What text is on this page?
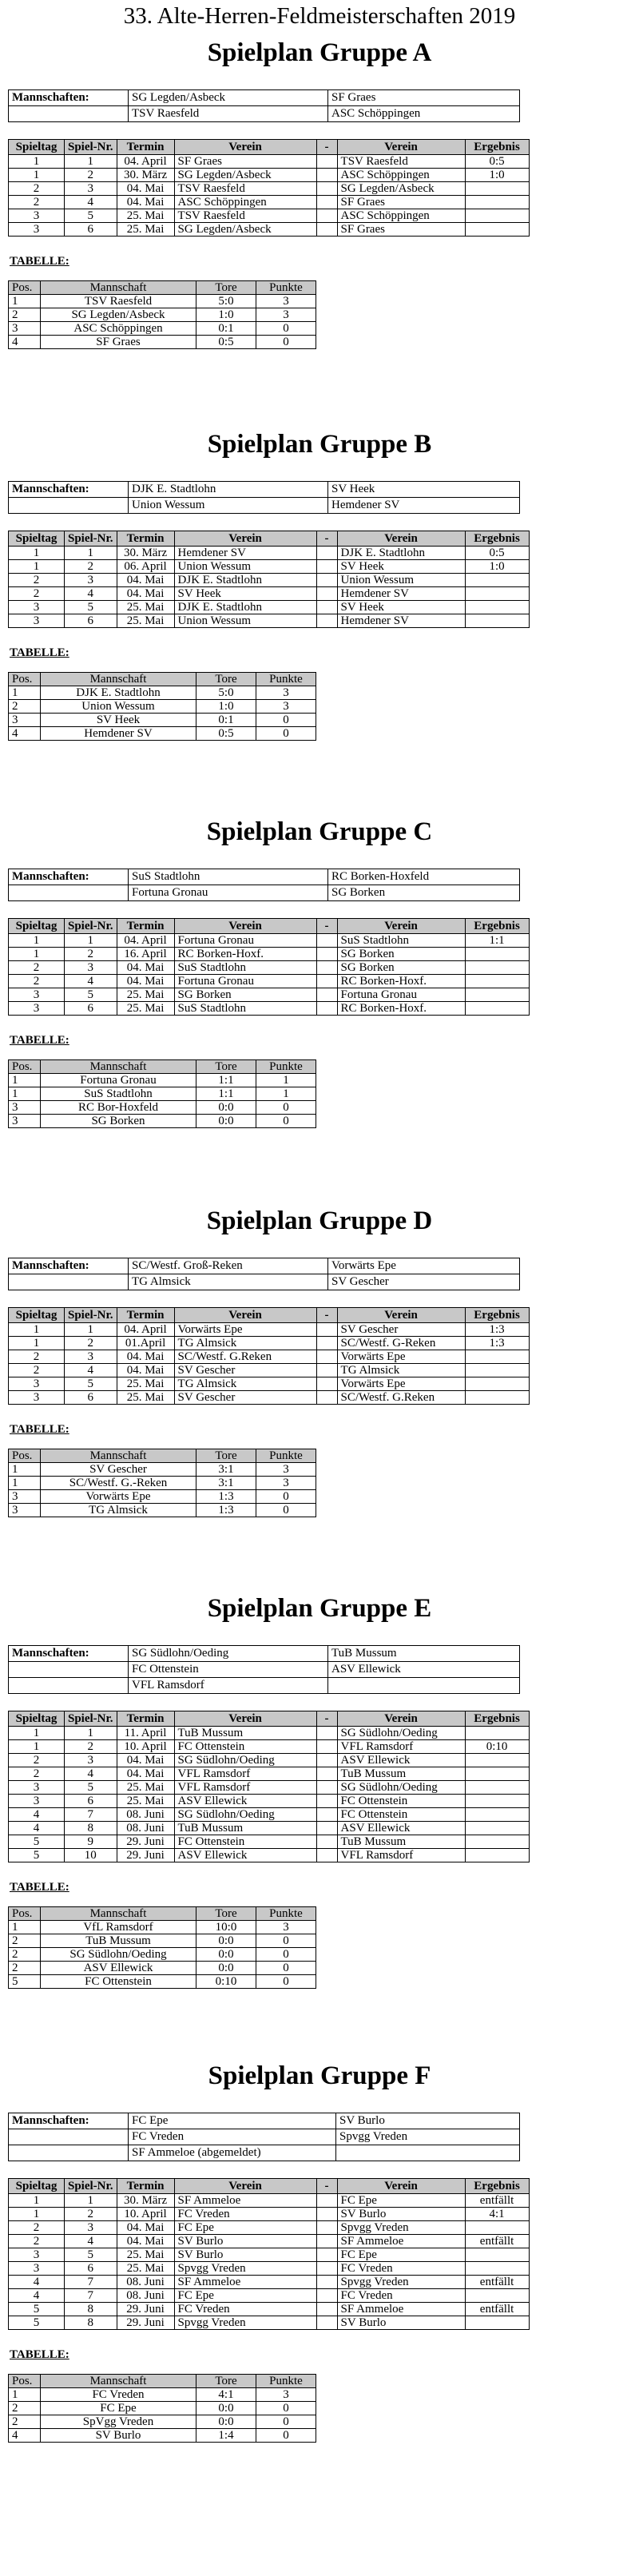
33. Alte-Herren-Feldmeisterschaften 2019
Spielplan Gruppe A
Mannschaften:	SG Legden/Asbeck	SF Graes
	TSV Raesfeld	ASC Schöppingen
Spieltag	Spiel-Nr.	Termin	Verein	-	Verein	Ergebnis
1	1	04. April	SF Graes		TSV Raesfeld	0:5
1	2	30. März	SG Legden/Asbeck		ASC Schöppingen	1:0
2	3	04. Mai	TSV Raesfeld		SG Legden/Asbeck	
2	4	04. Mai	ASC Schöppingen		SF Graes	
3	5	25. Mai	TSV Raesfeld		ASC Schöppingen	
3	6	25. Mai	SG Legden/Asbeck		SF Graes	
TABELLE:
Pos.	Mannschaft	Tore	Punkte
1	TSV Raesfeld	5:0	3
2	SG Legden/Asbeck	1:0	3
3	ASC Schöppingen	0:1	0
4	SF Graes	0:5	0
Spielplan Gruppe B
Mannschaften:	DJK E. Stadtlohn	SV Heek
	Union Wessum	Hemdener SV
Spieltag	Spiel-Nr.	Termin	Verein	-	Verein	Ergebnis
1	1	30. März	Hemdener SV		DJK E. Stadtlohn	0:5
1	2	06. April	Union Wessum		SV Heek	1:0
2	3	04. Mai	DJK E. Stadtlohn		Union Wessum	
2	4	04. Mai	SV Heek		Hemdener SV	
3	5	25. Mai	DJK E. Stadtlohn		SV Heek	
3	6	25. Mai	Union Wessum		Hemdener SV	
TABELLE:
Pos.	Mannschaft	Tore	Punkte
1	DJK E. Stadtlohn	5:0	3
2	Union Wessum	1:0	3
3	SV Heek	0:1	0
4	Hemdener SV	0:5	0
Spielplan Gruppe C
Mannschaften:	SuS Stadtlohn	RC Borken-Hoxfeld
	Fortuna Gronau	SG Borken
Spieltag	Spiel-Nr.	Termin	Verein	-	Verein	Ergebnis
1	1	04. April	Fortuna Gronau		SuS Stadtlohn	1:1
1	2	16. April	RC Borken-Hoxf.		SG Borken	
2	3	04. Mai	SuS Stadtlohn		SG Borken	
2	4	04. Mai	Fortuna Gronau		RC Borken-Hoxf.	
3	5	25. Mai	SG Borken		Fortuna Gronau	
3	6	25. Mai	SuS Stadtlohn		RC Borken-Hoxf.	
TABELLE:
Pos.	Mannschaft	Tore	Punkte
1	Fortuna Gronau	1:1	1
1	SuS Stadtlohn	1:1	1
3	RC Bor-Hoxfeld	0:0	0
3	SG Borken	0:0	0
Spielplan Gruppe D
Mannschaften:	SC/Westf. Groß-Reken	Vorwärts Epe
	TG Almsick	SV Gescher
Spieltag	Spiel-Nr.	Termin	Verein	-	Verein	Ergebnis
1	1	04. April	Vorwärts Epe		SV Gescher	1:3
1	2	01.April	TG Almsick		SC/Westf. G-Reken	1:3
2	3	04. Mai	SC/Westf. G.Reken		Vorwärts Epe	
2	4	04. Mai	SV Gescher		TG Almsick	
3	5	25. Mai	TG Almsick		Vorwärts Epe	
3	6	25. Mai	SV Gescher		SC/Westf. G.Reken	
TABELLE:
Pos.	Mannschaft	Tore	Punkte
1	SV Gescher	3:1	3
1	SC/Westf. G.-Reken	3:1	3
3	Vorwärts Epe	1:3	0
3	TG Almsick	1:3	0
Spielplan Gruppe E
Mannschaften:	SG Südlohn/Oeding	TuB Mussum
	FC Ottenstein	ASV Ellewick
	VFL Ramsdorf	
Spieltag	Spiel-Nr.	Termin	Verein	-	Verein	Ergebnis
1	1	11. April	TuB Mussum		SG Südlohn/Oeding	
1	2	10. April	FC Ottenstein		VFL Ramsdorf	0:10
2	3	04. Mai	SG Südlohn/Oeding		ASV Ellewick	
2	4	04. Mai	VFL Ramsdorf		TuB Mussum	
3	5	25. Mai	VFL Ramsdorf		SG Südlohn/Oeding	
3	6	25. Mai	ASV Ellewick		FC Ottenstein	
4	7	08. Juni	SG Südlohn/Oeding		FC Ottenstein	
4	8	08. Juni	TuB Mussum		ASV Ellewick	
5	9	29. Juni	FC Ottenstein		TuB Mussum	
5	10	29. Juni	ASV Ellewick		VFL Ramsdorf	
TABELLE:
Pos.	Mannschaft	Tore	Punkte
1	VfL Ramsdorf	10:0	3
2	TuB Mussum	0:0	0
2	SG Südlohn/Oeding	0:0	0
2	ASV Ellewick	0:0	0
5	FC Ottenstein	0:10	0
Spielplan Gruppe F
Mannschaften:	FC Epe	SV Burlo
	FC Vreden	Spvgg Vreden
	SF Ammeloe (abgemeldet)	
Spieltag	Spiel-Nr.	Termin	Verein	-	Verein	Ergebnis
1	1	30. März	SF Ammeloe		FC Epe	entfällt
1	2	10. April	FC Vreden		SV Burlo	4:1
2	3	04. Mai	FC Epe		Spvgg Vreden	
2	4	04. Mai	SV Burlo		SF Ammeloe	entfällt
3	5	25. Mai	SV Burlo		FC Epe	
3	6	25. Mai	Spvgg Vreden		FC Vreden	
4	7	08. Juni	SF Ammeloe		Spvgg Vreden	entfällt
4	7	08. Juni	FC Epe		FC Vreden	
5	8	29. Juni	FC Vreden		SF Ammeloe	entfällt
5	8	29. Juni	Spvgg Vreden		SV Burlo	
TABELLE:
Pos.	Mannschaft	Tore	Punkte
1	FC Vreden	4:1	3
2	FC Epe	0:0	0
2	SpVgg Vreden	0:0	0
4	SV Burlo	1:4	0
